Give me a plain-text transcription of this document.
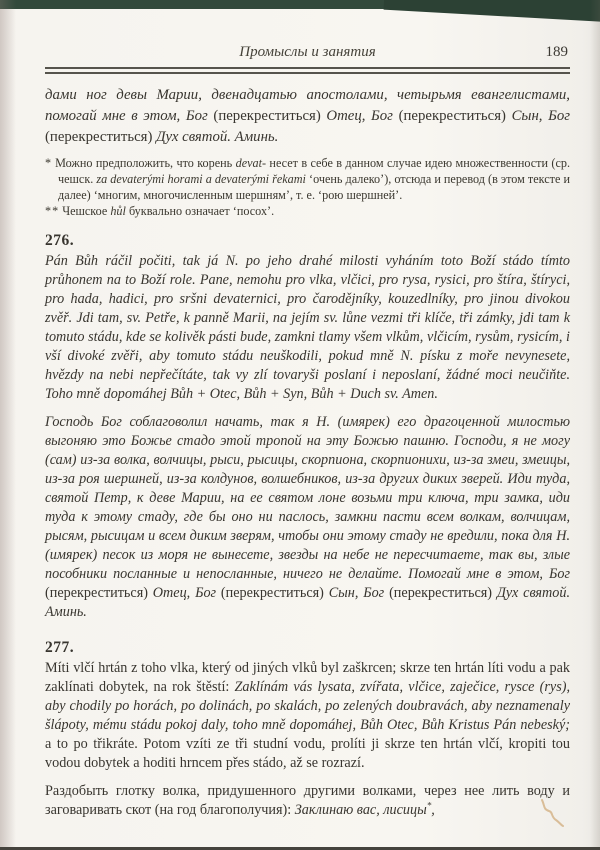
Промыслы и занятия	189

дами ног девы Марии, двенадцатью апостолами, четырьмя евангелистами, помогай мне в этом, Бог (перекреститься) Отец, Бог (перекреститься) Сын, Бог (перекреститься) Дух святой. Аминь.

* Можно предположить, что корень devat- несет в себе в данном случае идею множественности (ср. чешск. za devaterými horami a devaterými řekami ‘очень далеко’), отсюда и перевод (в этом тексте и далее) ‘многим, многочисленным шершням’, т. е. ‘рою шершней’.

** Чешское hůl буквально означает ‘посох’.

276.

Pán Bůh ráčil počiti, tak já N. po jeho drahé milosti vyháním toto Boží stádo tímto průhonem na to Boží role. Pane, nemohu pro vlka, vlčici, pro rysa, rysici, pro štíra, štíryci, pro hada, hadici, pro sršni devaternici, pro čarodějníky, kouzedlníky, pro jinou divokou zvěř. Jdi tam, sv. Petře, k panně Marii, na jejím sv. lůne vezmi tři klíče, tři zámky, jdi tam k tomuto stádu, kde se kolivěk pásti bude, zamkni tlamy všem vlkům, vlčicím, rysům, rysicím, i vší divoké zvěři, aby tomuto stádu neuškodili, pokud mně N. písku z moře nevynesete, hvězdy na nebi nepřečítáte, tak vy zlí tovaryši poslaní i neposlaní, žádné moci neučiňte. Toho mně dopomáhej Bůh + Otec, Bůh + Syn, Bůh + Duch sv. Amen.

Господь Бог соблаговолил начать, так я Н. (имярек) его драгоценной милостью выгоняю это Божье стадо этой тропой на эту Божью пашню. Господи, я не могу (сам) из-за волка, волчицы, рыси, рысицы, скорпиона, скорпионихи, из-за змеи, змеицы, из-за роя шершней, из-за колдунов, волшебников, из-за других диких зверей. Иди туда, святой Петр, к деве Марии, на ее святом лоне возьми три ключа, три замка, иди туда к этому стаду, где бы оно ни паслось, замкни пасти всем волкам, волчицам, рысям, рысицам и всем диким зверям, чтобы они этому стаду не вредили, пока для Н. (имярек) песок из моря не вынесете, звезды на небе не пересчитаете, так вы, злые пособники посланные и непосланные, ничего не делайте. Помогай мне в этом, Бог (перекреститься) Отец, Бог (перекреститься) Сын, Бог (перекреститься) Дух святой. Аминь.

277.

Míti vlčí hrtán z toho vlka, který od jiných vlků byl zaškrcen; skrze ten hrtán líti vodu a pak zaklínati dobytek, na rok štěstí: Zaklínám vás lysata, zvířata, vlčice, zaječice, rysce (rys), aby chodily po horách, po dolinách, po skalách, po zelených doubravách, aby neznamenaly šlápoty, mému stádu pokoj daly, toho mně dopomáhej, Bůh Otec, Bůh Kristus Pán nebeský; a to po třikráte. Potom vzíti ze tři studní vodu, prolíti ji skrze ten hrtán vlčí, kropiti tou vodou dobytek a hoditi hrncem přes stádo, až se rozrazí.

Раздобыть глотку волка, придушенного другими волками, через нее лить воду и заговаривать скот (на год благополучия): Заклинаю вас, лисицы*,
